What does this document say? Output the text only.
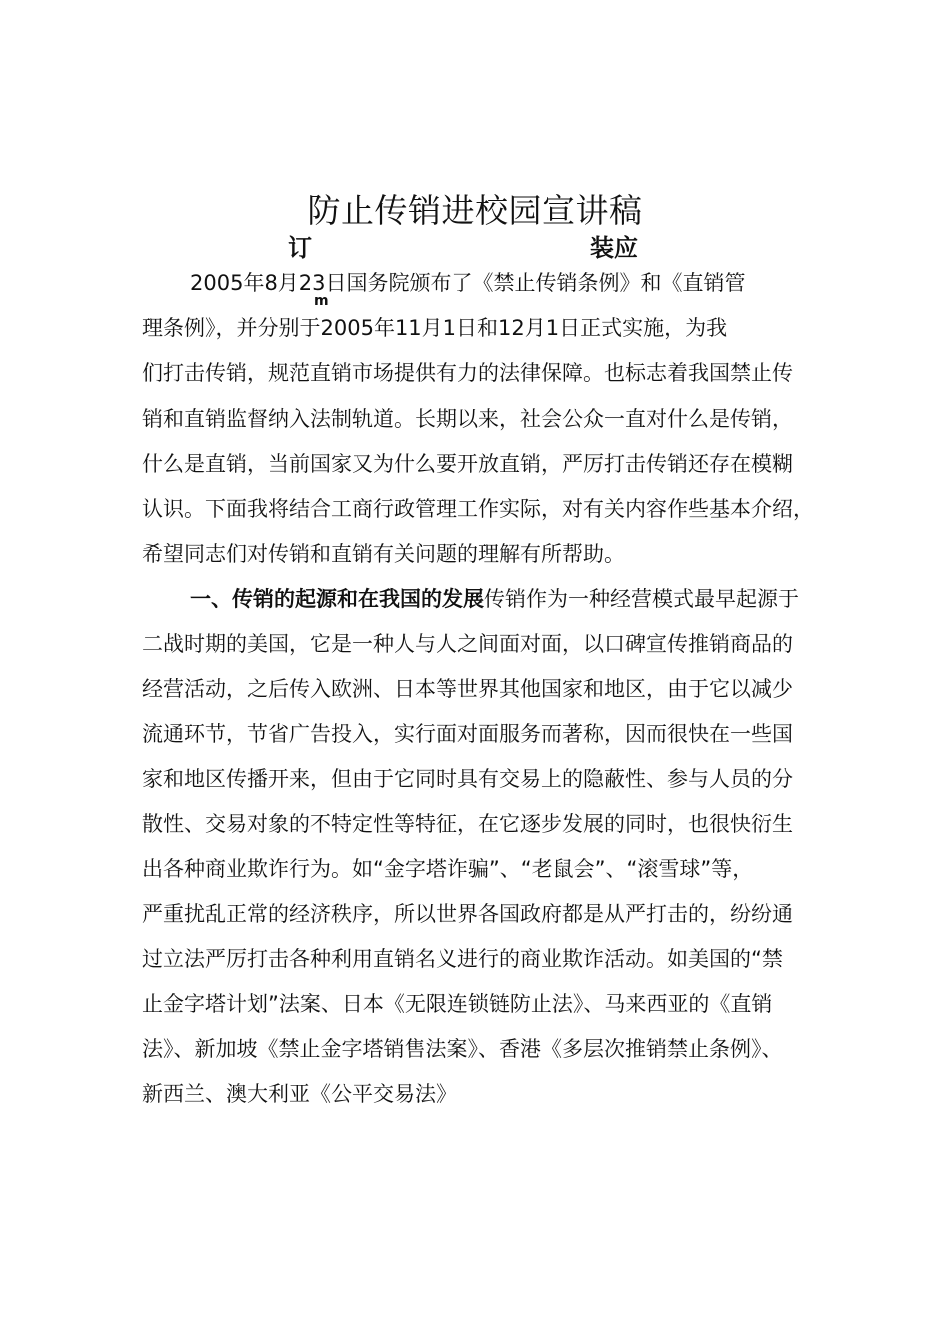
防止传销进校园宣讲稿
订	装应
m
2005年8月23日国务院颁布了《禁止传销条例》和《直销管
理条例》，并分别于2005年11月1日和12月1日正式实施，为我
们打击传销，规范直销市场提供有力的法律保障。也标志着我国禁止传
销和直销监督纳入法制轨道。长期以来，社会公众一直对什么是传销，
什么是直销，当前国家又为什么要开放直销，严厉打击传销还存在模糊
认识。下面我将结合工商行政管理工作实际，对有关内容作些基本介绍，
希望同志们对传销和直销有关问题的理解有所帮助。
一、传销的起源和在我国的发展传销作为一种经营模式最早起源于
二战时期的美国，它是一种人与人之间面对面，以口碑宣传推销商品的
经营活动，之后传入欧洲、日本等世界其他国家和地区，由于它以减少
流通环节，节省广告投入，实行面对面服务而著称，因而很快在一些国
家和地区传播开来，但由于它同时具有交易上的隐蔽性、参与人员的分
散性、交易对象的不特定性等特征，在它逐步发展的同时，也很快衍生
出各种商业欺诈行为。如“金字塔诈骗”、“老鼠会”、“滚雪球”等，
严重扰乱正常的经济秩序，所以世界各国政府都是从严打击的，纷纷通
过立法严厉打击各种利用直销名义进行的商业欺诈活动。如美国的“禁
止金字塔计划”法案、日本《无限连锁链防止法》、马来西亚的《直销
法》、新加坡《禁止金字塔销售法案》、香港《多层次推销禁止条例》、
新西兰、澳大利亚《公平交易法》
